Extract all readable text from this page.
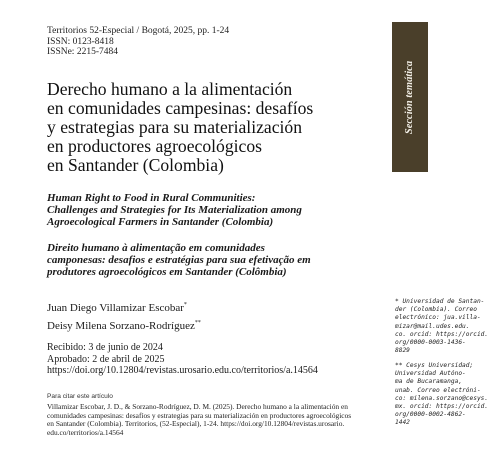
Territorios 52-Especial / Bogotá, 2025, pp. 1-24
ISSN: 0123-8418
ISSNe: 2215-7484
Sección temática
Derecho humano a la alimentación
en comunidades campesinas: desafíos
y estrategias para su materialización
en productores agroecológicos
en Santander (Colombia)
Human Right to Food in Rural Communities:
Challenges and Strategies for Its Materialization among
Agroecological Farmers in Santander (Colombia)
Direito humano à alimentação em comunidades
camponesas: desafios e estratégias para sua efetivação em
produtores agroecológicos em Santander (Colômbia)
Juan Diego Villamizar Escobar*
Deisy Milena Sorzano-Rodríguez**
Recibido: 3 de junio de 2024
Aprobado: 2 de abril de 2025
https://doi.org/10.12804/revistas.urosario.edu.co/territorios/a.14564
* Universidad de Santan-
der (Colombia). Correo
electrónico: jua.villa-
mizar@mail.udes.edu.
co. orcid: https://orcid.
org/0000-0003-1436-
8829
** Cesys Universidad;
Universidad Autóno-
ma de Bucaramanga,
unab. Correo electróni-
co: milena.sorzano@cesys.
mx. orcid: https://orcid.
org/0000-0002-4862-
1442
Para citar este artículo
Villamizar Escobar, J. D., & Sorzano-Rodríguez, D. M. (2025). Derecho humano a la alimentación en
comunidades campesinas: desafíos y estrategias para su materialización en productores agroecológicos
en Santander (Colombia). Territorios, (52-Especial), 1-24. https://doi.org/10.12804/revistas.urosario.
edu.co/territorios/a.14564
